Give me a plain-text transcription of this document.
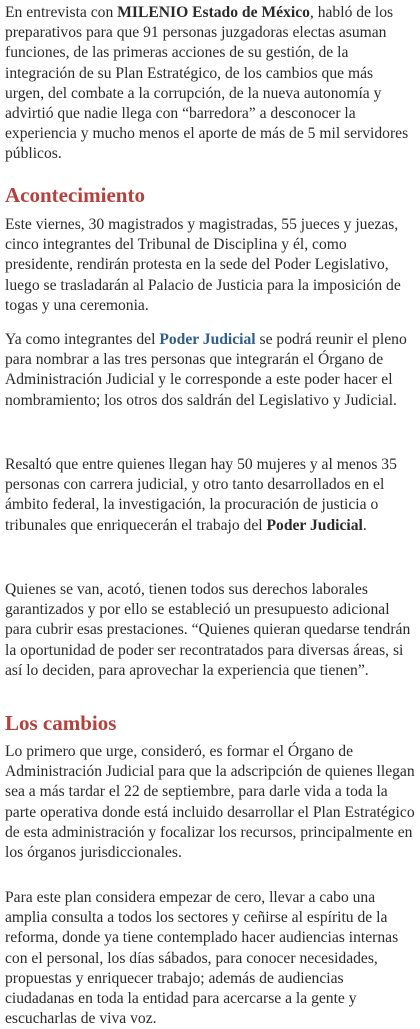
En entrevista con MILENIO Estado de México, habló de los preparativos para que 91 personas juzgadoras electas asuman funciones, de las primeras acciones de su gestión, de la integración de su Plan Estratégico, de los cambios que más urgen, del combate a la corrupción, de la nueva autonomía y advirtió que nadie llega con “barredora” a desconocer la experiencia y mucho menos el aporte de más de 5 mil servidores públicos.

Acontecimiento

Este viernes, 30 magistrados y magistradas, 55 jueces y juezas, cinco integrantes del Tribunal de Disciplina y él, como presidente, rendirán protesta en la sede del Poder Legislativo, luego se trasladarán al Palacio de Justicia para la imposición de togas y una ceremonia.

Ya como integrantes del Poder Judicial se podrá reunir el pleno para nombrar a las tres personas que integrarán el Órgano de Administración Judicial y le corresponde a este poder hacer el nombramiento; los otros dos saldrán del Legislativo y Judicial.

Resaltó que entre quienes llegan hay 50 mujeres y al menos 35 personas con carrera judicial, y otro tanto desarrollados en el ámbito federal, la investigación, la procuración de justicia o tribunales que enriquecerán el trabajo del Poder Judicial.

Quienes se van, acotó, tienen todos sus derechos laborales garantizados y por ello se estableció un presupuesto adicional para cubrir esas prestaciones. “Quienes quieran quedarse tendrán la oportunidad de poder ser recontratados para diversas áreas, si así lo deciden, para aprovechar la experiencia que tienen”.

Los cambios

Lo primero que urge, consideró, es formar el Órgano de Administración Judicial para que la adscripción de quienes llegan sea a más tardar el 22 de septiembre, para darle vida a toda la parte operativa donde está incluido desarrollar el Plan Estratégico de esta administración y focalizar los recursos, principalmente en los órganos jurisdiccionales.

Para este plan considera empezar de cero, llevar a cabo una amplia consulta a todos los sectores y ceñirse al espíritu de la reforma, donde ya tiene contemplado hacer audiencias internas con el personal, los días sábados, para conocer necesidades, propuestas y enriquecer trabajo; además de audiencias ciudadanas en toda la entidad para acercarse a la gente y escucharlas de viva voz.
